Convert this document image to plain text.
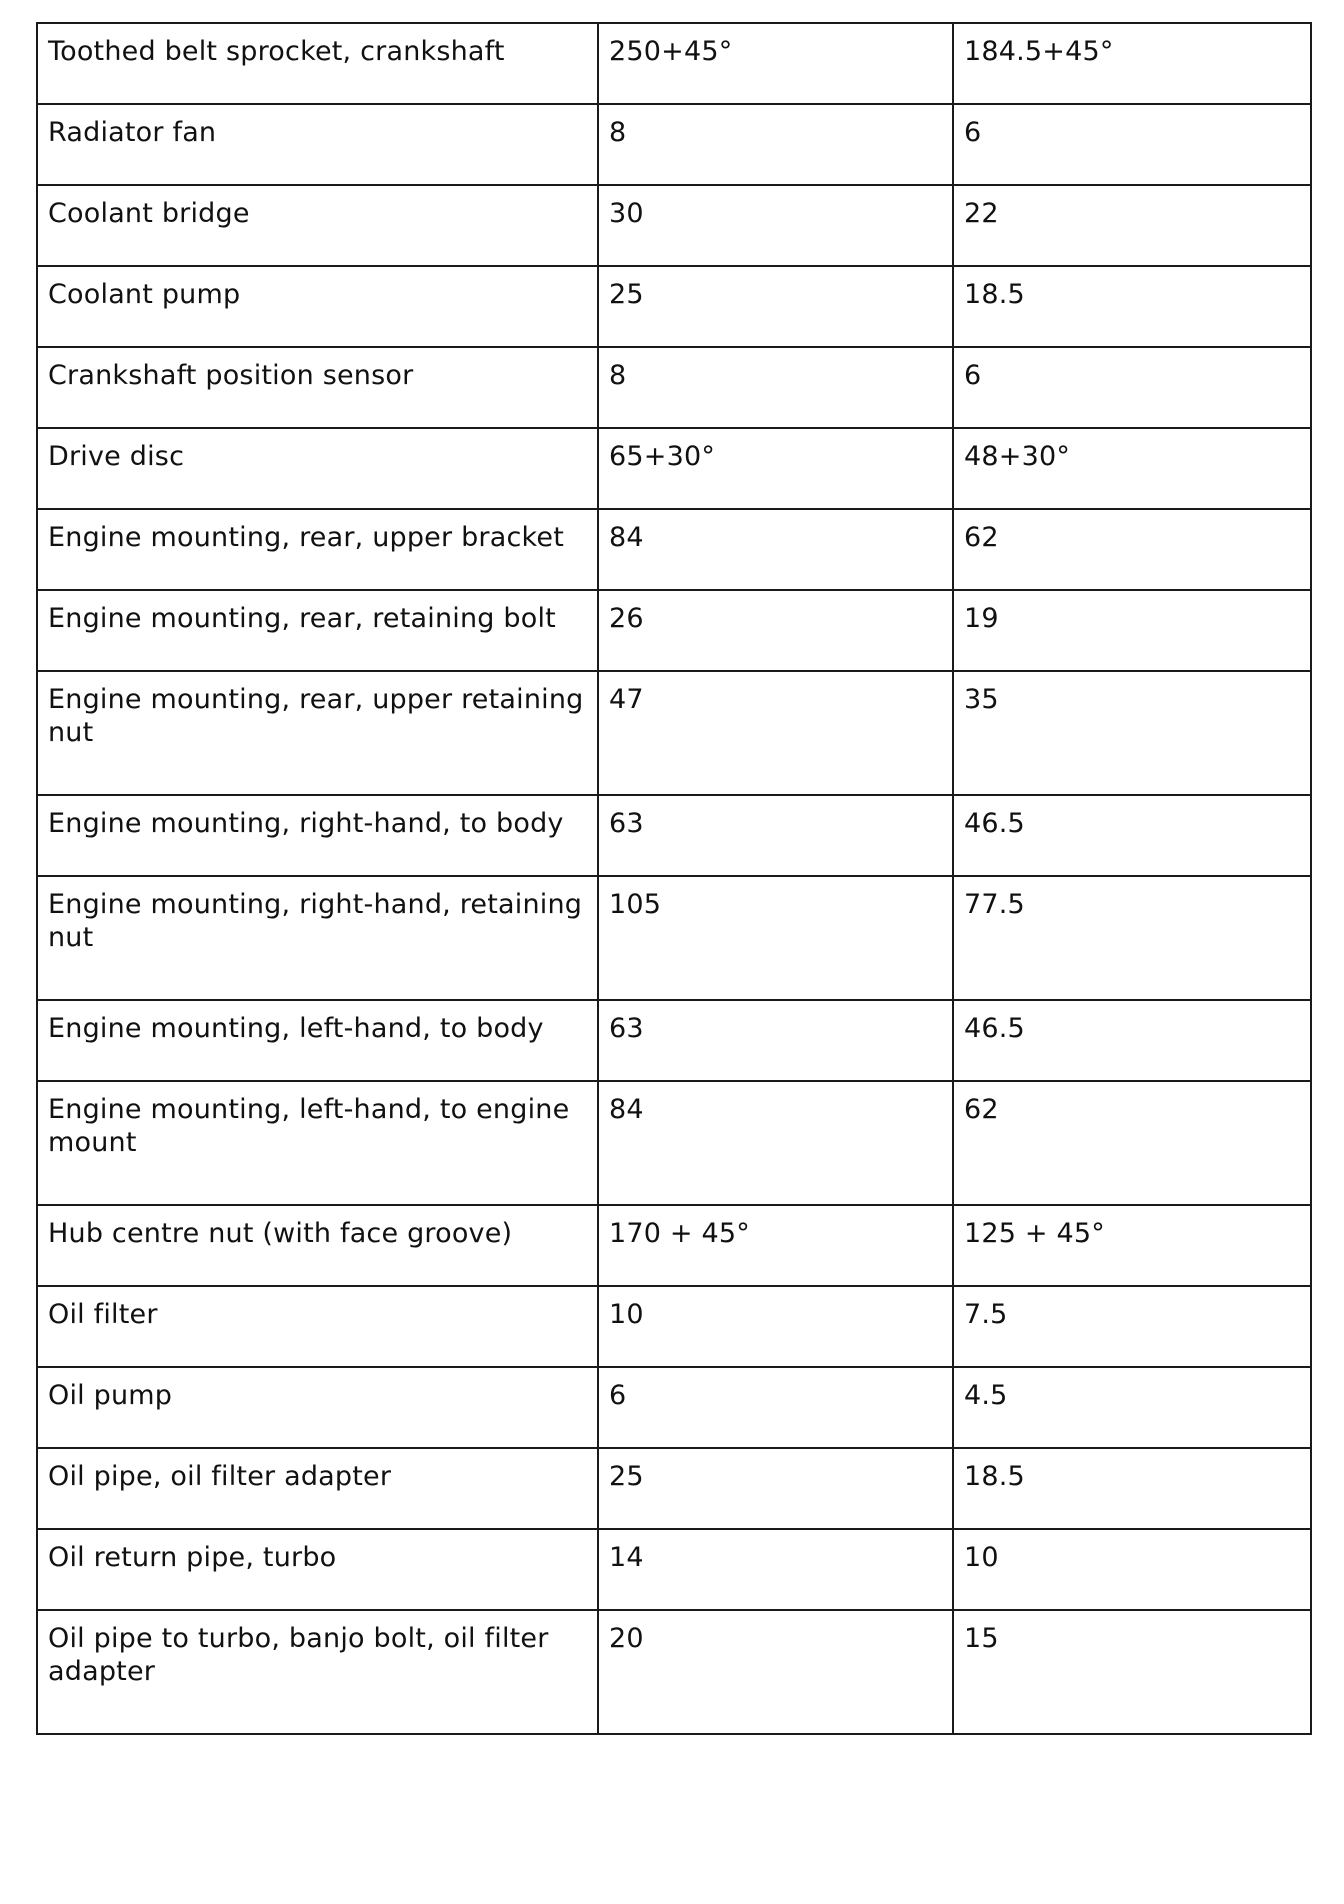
Toothed belt sprocket, crankshaft	250+45°	184.5+45°
Radiator fan	8	6
Coolant bridge	30	22
Coolant pump	25	18.5
Crankshaft position sensor	8	6
Drive disc	65+30°	48+30°
Engine mounting, rear, upper bracket	84	62
Engine mounting, rear, retaining bolt	26	19
Engine mounting, rear, upper retaining nut	47	35
Engine mounting, right-hand, to body	63	46.5
Engine mounting, right-hand, retaining nut	105	77.5
Engine mounting, left-hand, to body	63	46.5
Engine mounting, left-hand, to engine mount	84	62
Hub centre nut (with face groove)	170 + 45°	125 + 45°
Oil filter	10	7.5
Oil pump	6	4.5
Oil pipe, oil filter adapter	25	18.5
Oil return pipe, turbo	14	10
Oil pipe to turbo, banjo bolt, oil filter adapter	20	15
